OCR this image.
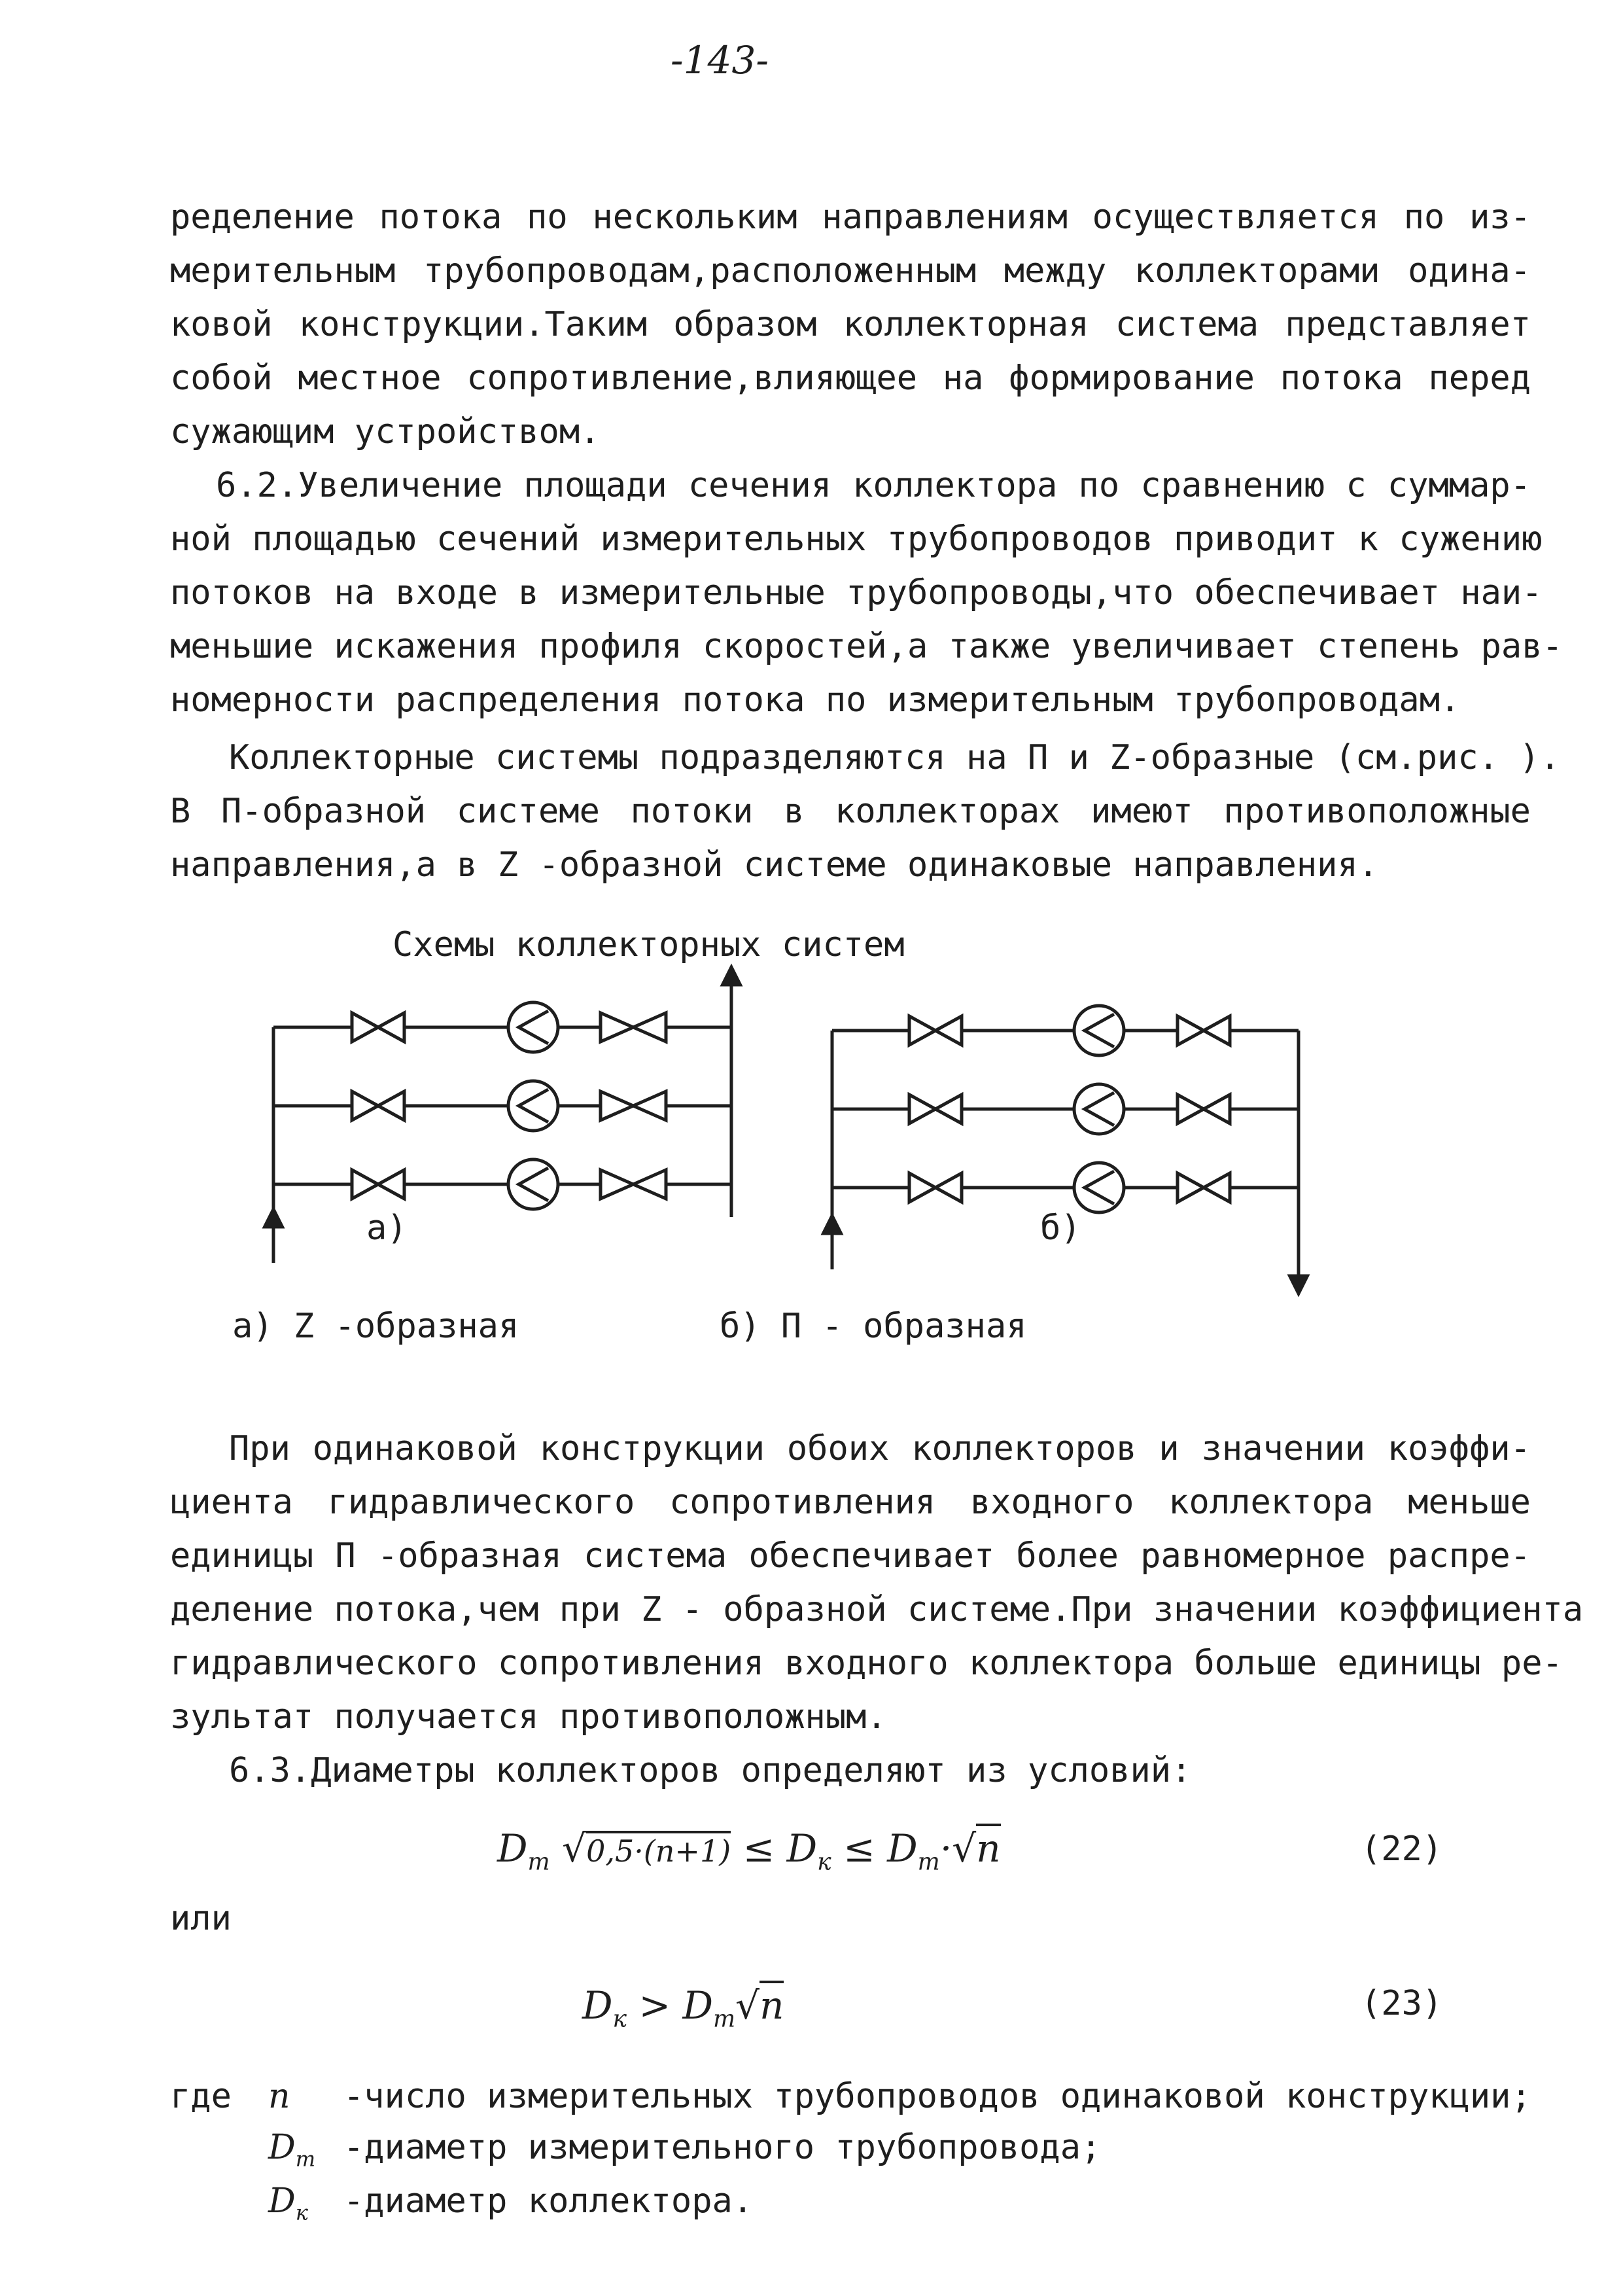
-143-
ределение потока по нескольким направлениям осуществляется по из-
мерительным трубопроводам,расположенным между коллекторами одина-
ковой конструкции.Таким образом коллекторная система представляет
собой местное сопротивление,влияющее на формирование потока перед
сужающим устройством.
6.2.Увеличение площади сечения коллектора по сравнению с суммар-
ной площадью сечений измерительных трубопроводов приводит к сужению
потоков на входе в измерительные трубопроводы,что обеспечивает наи-
меньшие искажения профиля скоростей,а также увеличивает степень рав-
номерности распределения потока по измерительным трубопроводам.
Коллекторные системы подразделяются на П и Z-образные (см.рис. ).
В П-образной системе потоки в коллекторах имеют противоположные
направления,а в Z -образной системе одинаковые направления.
Схемы коллекторных систем
а)	б)
а) Z -образная	б) П - образная
При одинаковой конструкции обоих коллекторов и значении коэффи-
циента гидравлического сопротивления входного коллектора меньше
единицы П -образная система обеспечивает более равномерное распре-
деление потока,чем при Z - образной системе.При значении коэффициента
гидравлического сопротивления входного коллектора больше единицы ре-
зультат получается противоположным.
6.3.Диаметры коллекторов определяют из условий:
$D_т$ $√0,5\cdot(n+1) \le D_к \le D_т\cdot√n$	(22)
или
$D_к > D_т√n$	(23)
где n -число измерительных трубопроводов одинаковой конструкции;
$D_т$ -диаметр измерительного трубопровода;
$D_к$ -диаметр коллектора.
